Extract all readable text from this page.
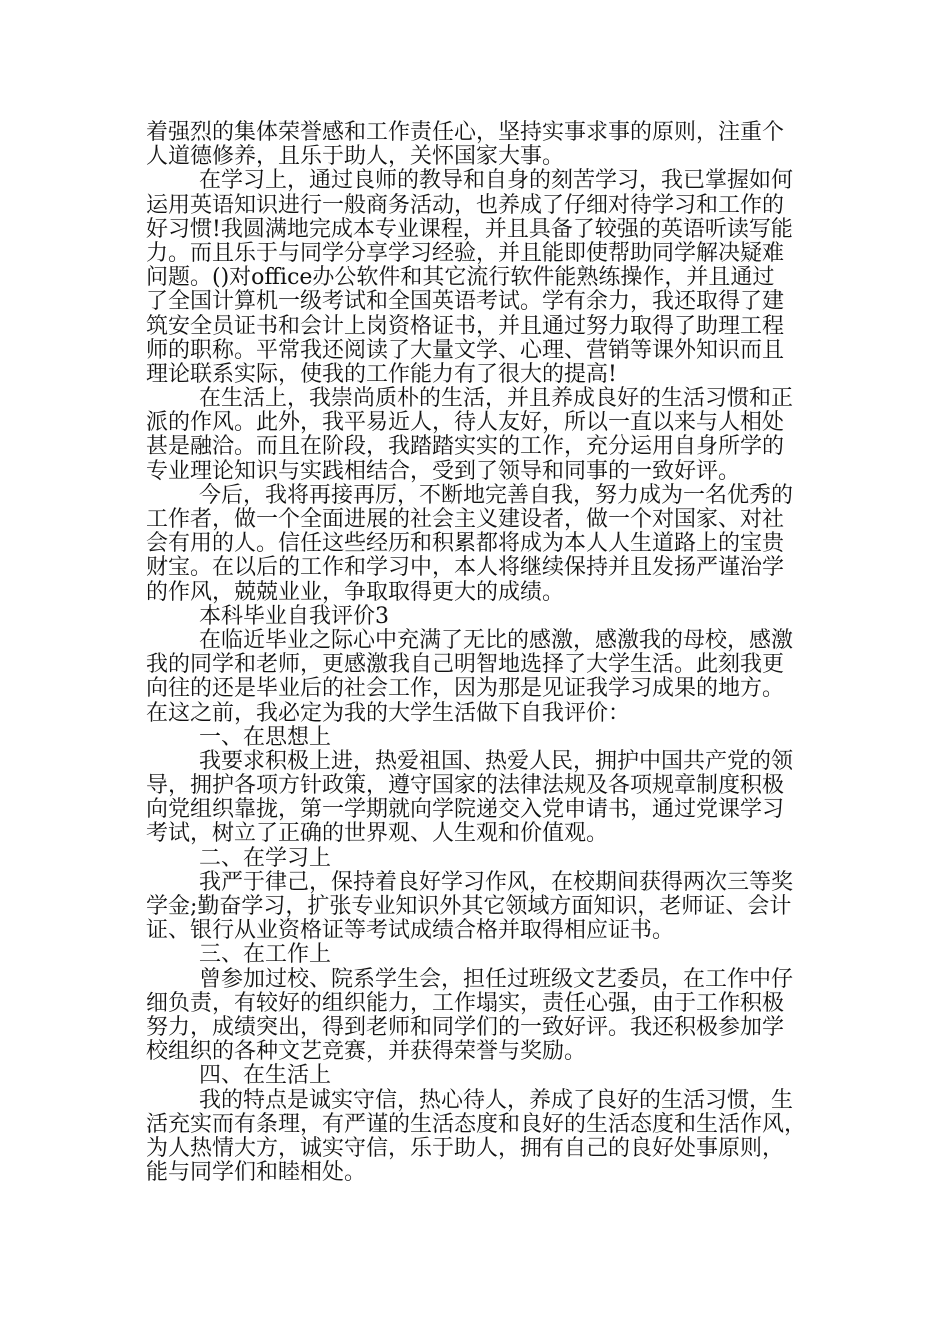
着强烈的集体荣誉感和工作责任心，坚持实事求事的原则，注重个
人道德修养，且乐于助人，关怀国家大事。
在学习上，通过良师的教导和自身的刻苦学习，我已掌握如何
运用英语知识进行一般商务活动，也养成了仔细对待学习和工作的
好习惯!我圆满地完成本专业课程，并且具备了较强的英语听读写能
力。而且乐于与同学分享学习经验，并且能即使帮助同学解决疑难
问题。()对office办公软件和其它流行软件能熟练操作，并且通过
了全国计算机一级考试和全国英语考试。学有余力，我还取得了建
筑安全员证书和会计上岗资格证书，并且通过努力取得了助理工程
师的职称。平常我还阅读了大量文学、心理、营销等课外知识而且
理论联系实际，使我的工作能力有了很大的提高!
在生活上，我崇尚质朴的生活，并且养成良好的生活习惯和正
派的作风。此外，我平易近人，待人友好，所以一直以来与人相处
甚是融洽。而且在阶段，我踏踏实实的工作，充分运用自身所学的
专业理论知识与实践相结合，受到了领导和同事的一致好评。
今后，我将再接再厉，不断地完善自我，努力成为一名优秀的
工作者，做一个全面进展的社会主义建设者，做一个对国家、对社
会有用的人。信任这些经历和积累都将成为本人人生道路上的宝贵
财宝。在以后的工作和学习中，本人将继续保持并且发扬严谨治学
的作风，兢兢业业，争取取得更大的成绩。
本科毕业自我评价3
在临近毕业之际心中充满了无比的感激，感激我的母校，感激
我的同学和老师，更感激我自己明智地选择了大学生活。此刻我更
向往的还是毕业后的社会工作，因为那是见证我学习成果的地方。
在这之前，我必定为我的大学生活做下自我评价：
一、在思想上
我要求积极上进，热爱祖国、热爱人民，拥护中国共产党的领
导，拥护各项方针政策，遵守国家的法律法规及各项规章制度积极
向党组织靠拢，第一学期就向学院递交入党申请书，通过党课学习
考试，树立了正确的世界观、人生观和价值观。
二、在学习上
我严于律己，保持着良好学习作风，在校期间获得两次三等奖
学金;勤奋学习，扩张专业知识外其它领域方面知识，老师证、会计
证、银行从业资格证等考试成绩合格并取得相应证书。
三、在工作上
曾参加过校、院系学生会，担任过班级文艺委员，在工作中仔
细负责，有较好的组织能力，工作塌实，责任心强，由于工作积极
努力，成绩突出，得到老师和同学们的一致好评。我还积极参加学
校组织的各种文艺竞赛，并获得荣誉与奖励。
四、在生活上
我的特点是诚实守信，热心待人，养成了良好的生活习惯，生
活充实而有条理，有严谨的生活态度和良好的生活态度和生活作风，
为人热情大方，诚实守信，乐于助人，拥有自己的良好处事原则，
能与同学们和睦相处。
